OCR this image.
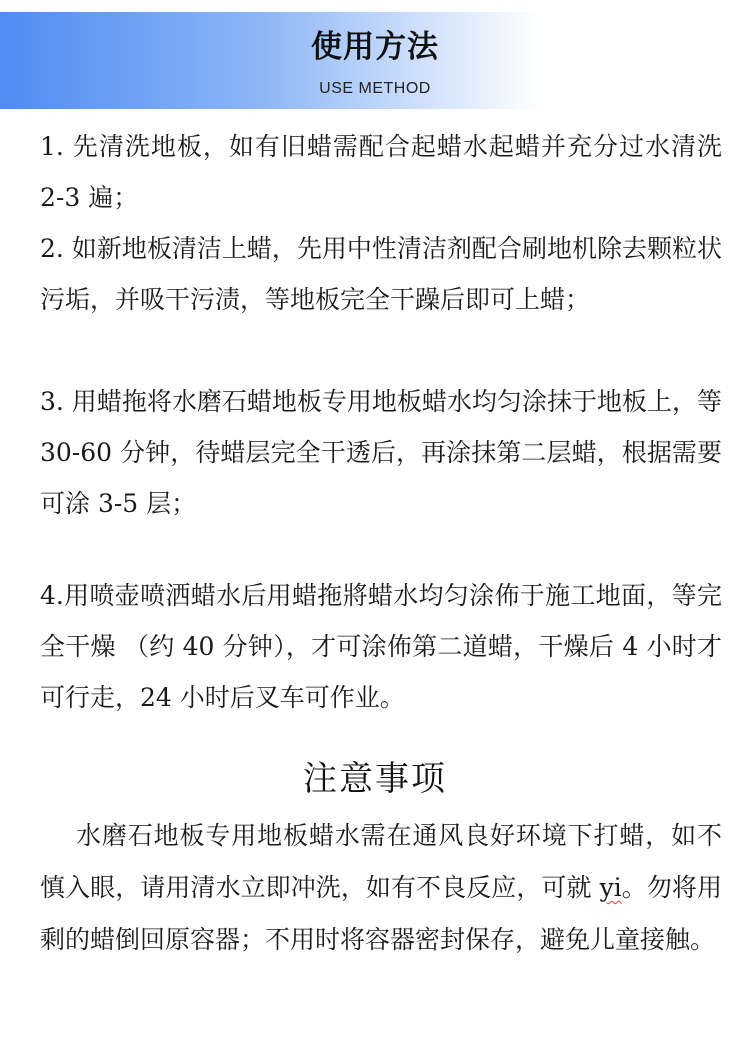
使用方法
USE METHOD

1. 先清洗地板，如有旧蜡需配合起蜡水起蜡并充分过水清洗 2-3 遍；

2. 如新地板清洁上蜡，先用中性清洁剂配合刷地机除去颗粒状污垢，并吸干污渍，等地板完全干躁后即可上蜡；

3. 用蜡拖将水磨石蜡地板专用地板蜡水均匀涂抹于地板上，等 30-60 分钟，待蜡层完全干透后，再涂抹第二层蜡，根据需要可涂 3-5 层；

4.用喷壶喷洒蜡水后用蜡拖將蜡水均匀涂佈于施工地面，等完全干燥 （约 40 分钟），才可涂佈第二道蜡，干燥后 4 小时才可行走，24 小时后叉车可作业。

注意事项

水磨石地板专用地板蜡水需在通风良好环境下打蜡，如不慎入眼，请用清水立即冲洗，如有不良反应，可就 yi。勿将用剩的蜡倒回原容器；不用时将容器密封保存，避免儿童接触。
